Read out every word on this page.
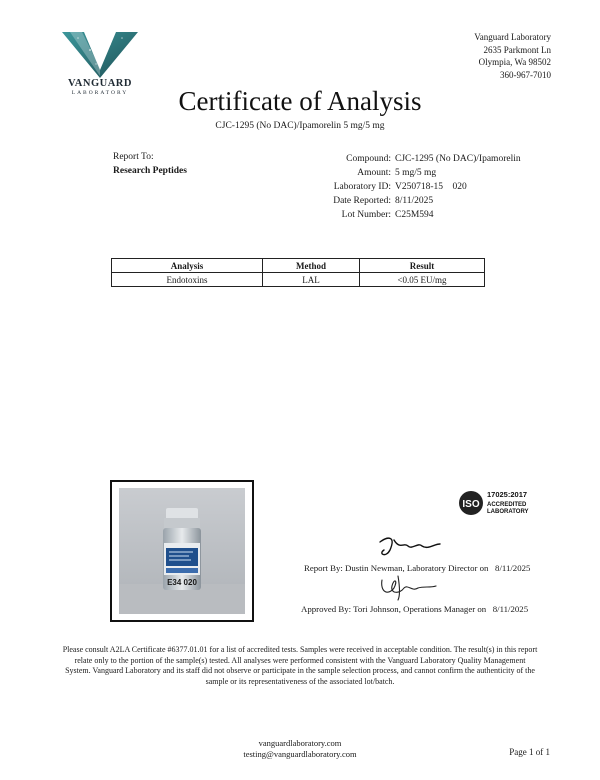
VANGUARD
LABORATORY
Vanguard Laboratory
2635 Parkmont Ln
Olympia, Wa 98502
360-967-7010
Certificate of Analysis
CJC-1295 (No DAC)/Ipamorelin 5 mg/5 mg
Report To:
Research Peptides
Compound: CJC-1295 (No DAC)/Ipamorelin
Amount: 5 mg/5 mg
Laboratory ID: V250718-15    020
Date Reported: 8/11/2025
Lot Number: C25M594
Analysis	Method	Result
Endotoxins	LAL	<0.05 EU/mg
E34 020
ISO
17025:2017
ACCREDITED
LABORATORY
Report By: Dustin Newman, Laboratory Director on   8/11/2025
Approved By: Tori Johnson, Operations Manager on   8/11/2025
Please consult A2LA Certificate #6377.01.01 for a list of accredited tests. Samples were received in acceptable condition. The result(s) in this report relate only to the portion of the sample(s) tested. All analyses were performed consistent with the Vanguard Laboratory Quality Management System. Vanguard Laboratory and its staff did not observe or participate in the sample selection process, and cannot confirm the authenticity of the sample or its representativeness of the associated lot/batch.
vanguardlaboratory.com
testing@vanguardlaboratory.com	Page 1 of 1
